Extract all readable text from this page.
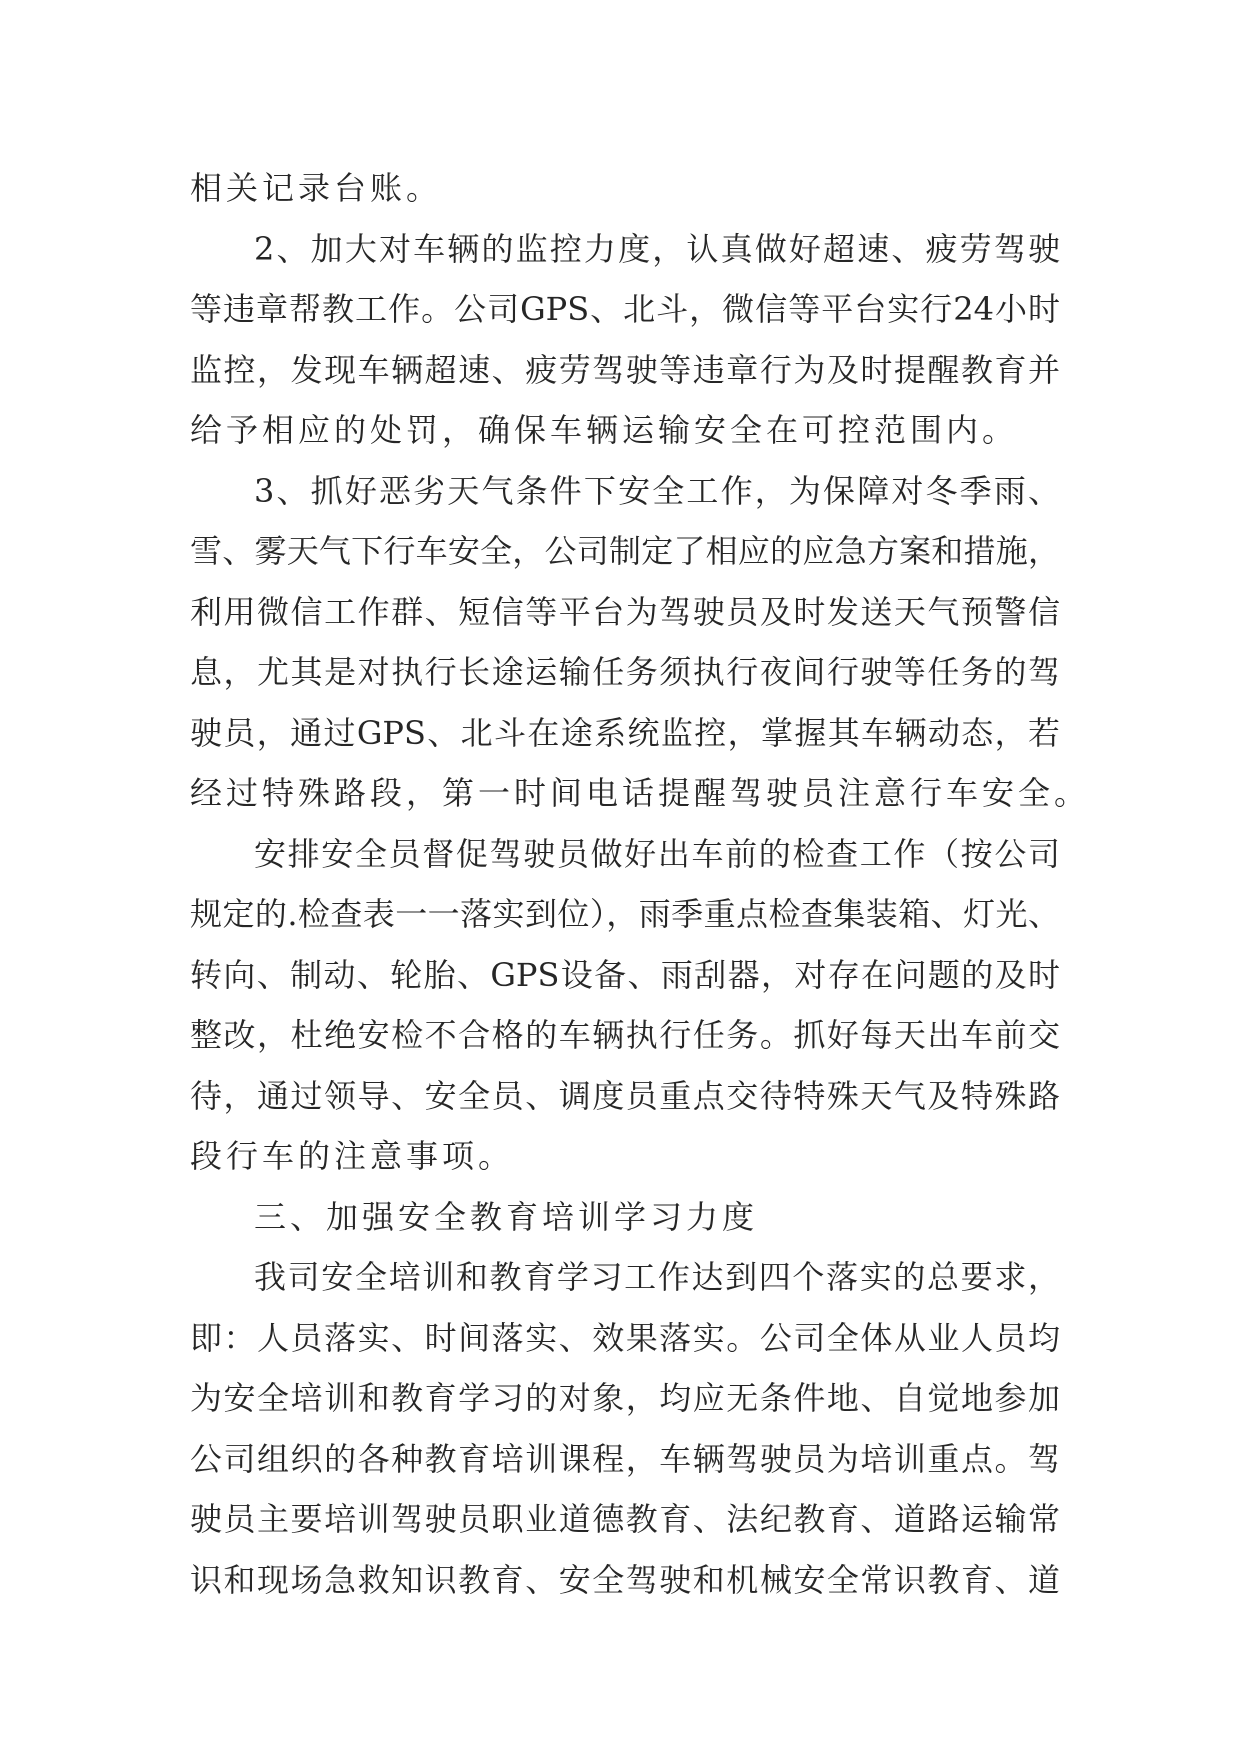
相关记录台账。
2、加大对车辆的监控力度，认真做好超速、疲劳驾驶
等违章帮教工作。公司GPS、北斗，微信等平台实行24小时
监控，发现车辆超速、疲劳驾驶等违章行为及时提醒教育并
给予相应的处罚，确保车辆运输安全在可控范围内。
3、抓好恶劣天气条件下安全工作，为保障对冬季雨、
雪、雾天气下行车安全，公司制定了相应的应急方案和措施，
利用微信工作群、短信等平台为驾驶员及时发送天气预警信
息，尤其是对执行长途运输任务须执行夜间行驶等任务的驾
驶员，通过GPS、北斗在途系统监控，掌握其车辆动态，若
经过特殊路段，第一时间电话提醒驾驶员注意行车安全。
安排安全员督促驾驶员做好出车前的检查工作（按公司
规定的.检查表一一落实到位），雨季重点检查集装箱、灯光、
转向、制动、轮胎、GPS设备、雨刮器，对存在问题的及时
整改，杜绝安检不合格的车辆执行任务。抓好每天出车前交
待，通过领导、安全员、调度员重点交待特殊天气及特殊路
段行车的注意事项。
三、加强安全教育培训学习力度
我司安全培训和教育学习工作达到四个落实的总要求，
即：人员落实、时间落实、效果落实。公司全体从业人员均
为安全培训和教育学习的对象，均应无条件地、自觉地参加
公司组织的各种教育培训课程，车辆驾驶员为培训重点。驾
驶员主要培训驾驶员职业道德教育、法纪教育、道路运输常
识和现场急救知识教育、安全驾驶和机械安全常识教育、道
